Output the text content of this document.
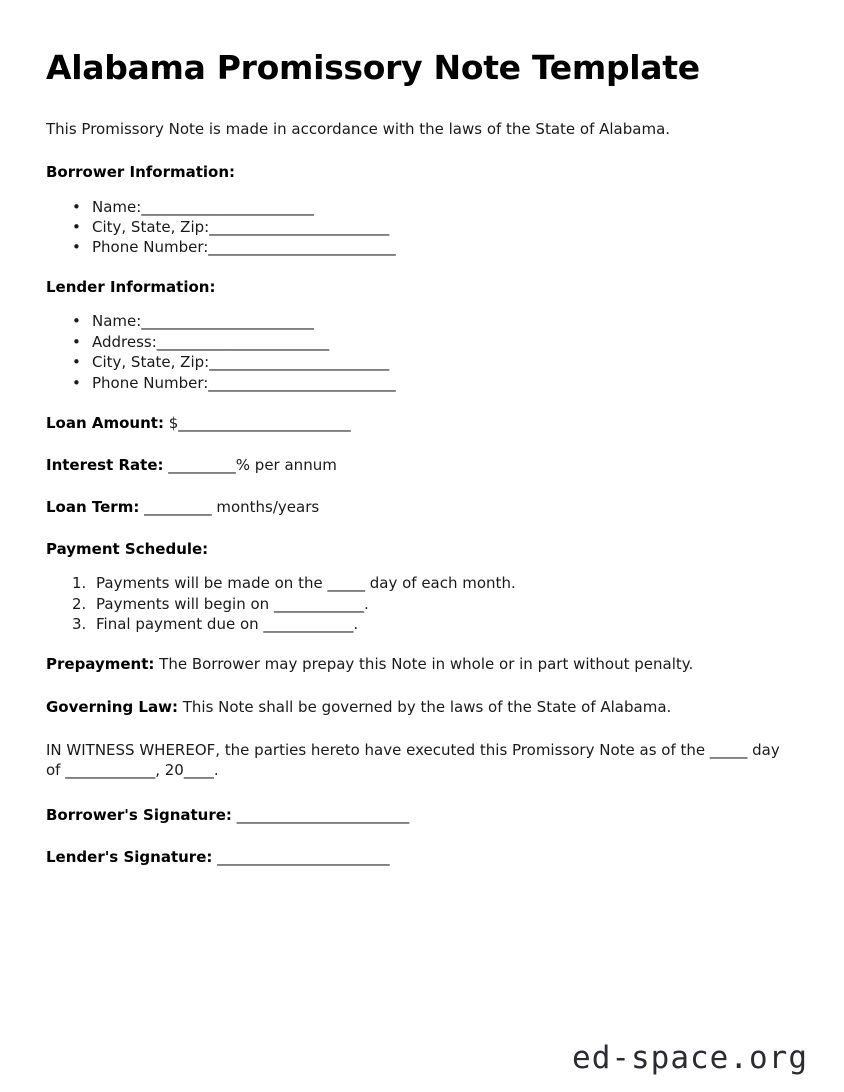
Alabama Promissory Note Template

This Promissory Note is made in accordance with the laws of the State of Alabama.

Borrower Information:
• Name:_______________________
• City, State, Zip:________________________
• Phone Number:_________________________
Lender Information:
• Name:_______________________
• Address:_______________________
• City, State, Zip:________________________
• Phone Number:_________________________

Loan Amount: $_______________________

Interest Rate: _________% per annum

Loan Term: _________ months/years

Payment Schedule:
Payments will be made on the _____ day of each month.
Payments will begin on ____________.
Final payment due on ____________.

Prepayment: The Borrower may prepay this Note in whole or in part without penalty.

Governing Law: This Note shall be governed by the laws of the State of Alabama.

IN WITNESS WHEREOF, the parties hereto have executed this Promissory Note as of the _____ day of ____________, 20____.

Borrower's Signature: _______________________

Lender's Signature: _______________________

ed-space.org
